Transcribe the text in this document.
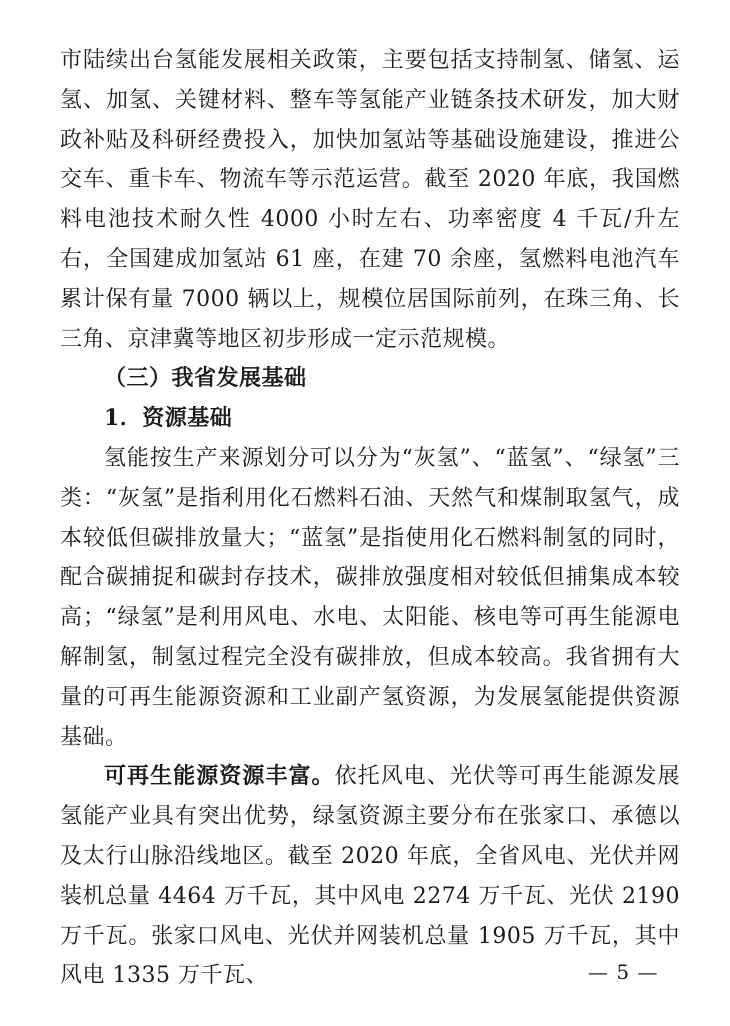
市陆续出台氢能发展相关政策，主要包括支持制氢、储氢、运氢、加氢、关键材料、整车等氢能产业链条技术研发，加大财政补贴及科研经费投入，加快加氢站等基础设施建设，推进公交车、重卡车、物流车等示范运营。截至 2020 年底，我国燃料电池技术耐久性 4000 小时左右、功率密度 4 千瓦/升左右，全国建成加氢站 61 座，在建 70 余座，氢燃料电池汽车累计保有量 7000 辆以上，规模位居国际前列，在珠三角、长三角、京津冀等地区初步形成一定示范规模。

（三）我省发展基础

1．资源基础

氢能按生产来源划分可以分为“灰氢”、“蓝氢”、“绿氢”三类：“灰氢”是指利用化石燃料石油、天然气和煤制取氢气，成本较低但碳排放量大；“蓝氢”是指使用化石燃料制氢的同时，配合碳捕捉和碳封存技术，碳排放强度相对较低但捕集成本较高；“绿氢”是利用风电、水电、太阳能、核电等可再生能源电解制氢，制氢过程完全没有碳排放，但成本较高。我省拥有大量的可再生能源资源和工业副产氢资源，为发展氢能提供资源基础。

可再生能源资源丰富。依托风电、光伏等可再生能源发展氢能产业具有突出优势，绿氢资源主要分布在张家口、承德以及太行山脉沿线地区。截至 2020 年底，全省风电、光伏并网装机总量 4464 万千瓦，其中风电 2274 万千瓦、光伏 2190 万千瓦。张家口风电、光伏并网装机总量 1905 万千瓦，其中风电 1335 万千瓦、	— 5 —
